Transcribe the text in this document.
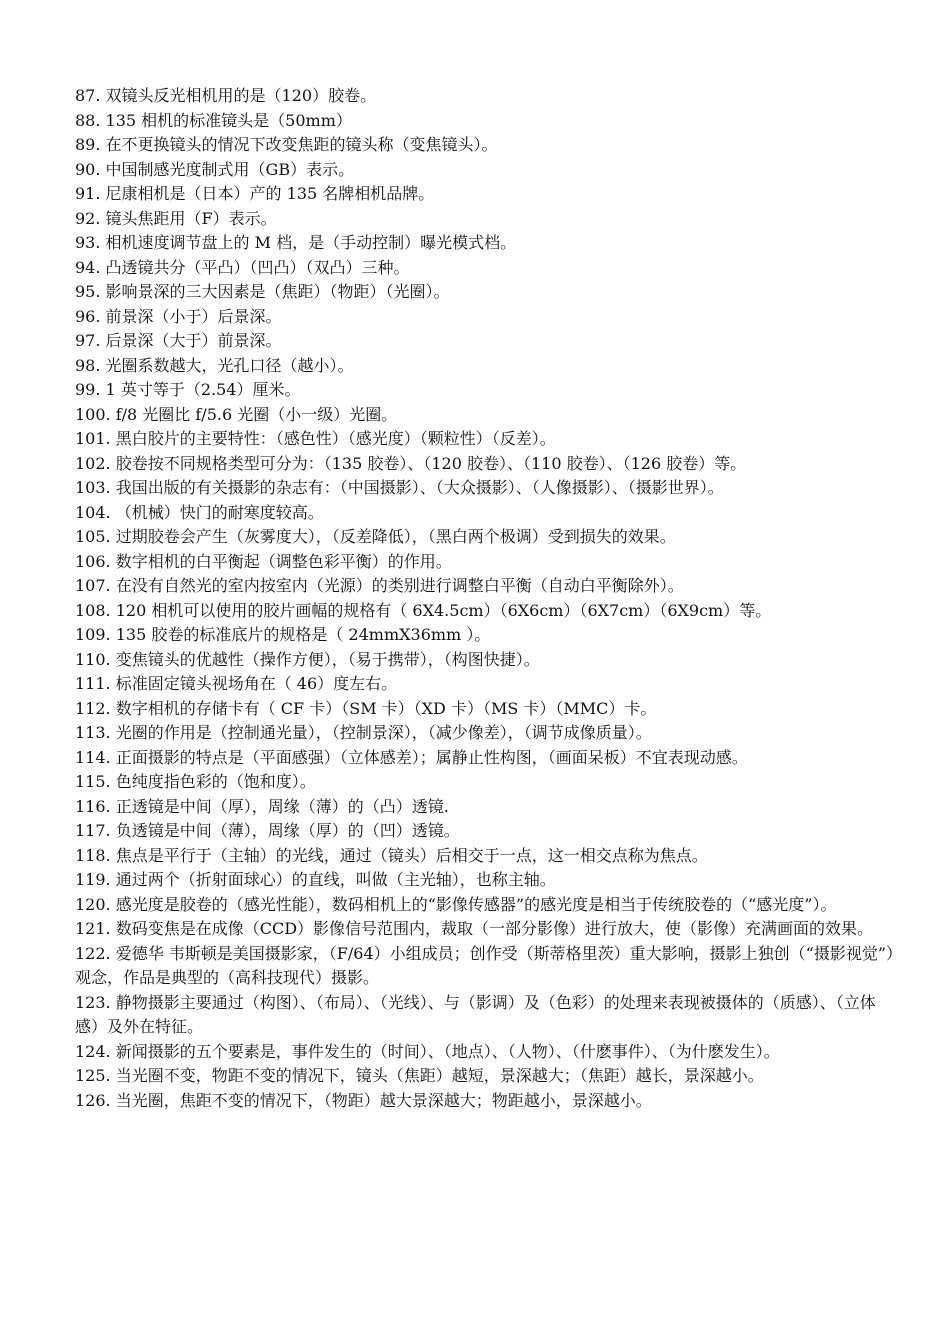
87. 双镜头反光相机用的是（120）胶卷。
88. 135 相机的标准镜头是（50mm）
89. 在不更换镜头的情况下改变焦距的镜头称（变焦镜头）。
90. 中国制感光度制式用（GB）表示。
91. 尼康相机是（日本）产的 135 名牌相机品牌。
92. 镜头焦距用（F）表示。
93. 相机速度调节盘上的 M 档，是（手动控制）曝光模式档。
94. 凸透镜共分（平凸）（凹凸）（双凸）三种。
95. 影响景深的三大因素是（焦距）（物距）（光圈）。
96. 前景深（小于）后景深。
97. 后景深（大于）前景深。
98. 光圈系数越大，光孔口径（越小）。
99. 1 英寸等于（2.54）厘米。
100. f/8 光圈比 f/5.6 光圈（小一级）光圈。
101. 黑白胶片的主要特性：（感色性）（感光度）（颗粒性）（反差）。
102. 胶卷按不同规格类型可分为：（135 胶卷）、（120 胶卷）、（110 胶卷）、（126 胶卷）等。
103. 我国出版的有关摄影的杂志有：（中国摄影）、（大众摄影）、（人像摄影）、（摄影世界）。
104. （机械）快门的耐寒度较高。
105. 过期胶卷会产生（灰雾度大），（反差降低），（黑白两个极调）受到损失的效果。
106. 数字相机的白平衡起（调整色彩平衡）的作用。
107. 在没有自然光的室内按室内（光源）的类别进行调整白平衡（自动白平衡除外）。
108. 120 相机可以使用的胶片画幅的规格有（ 6X4.5cm）（6X6cm）（6X7cm）（6X9cm）等。
109. 135 胶卷的标准底片的规格是（ 24mmX36mm ）。
110. 变焦镜头的优越性（操作方便），（易于携带），（构图快捷）。
111. 标准固定镜头视场角在（ 46）度左右。
112. 数字相机的存储卡有（ CF 卡）（SM 卡）（XD 卡）（MS 卡）（MMC）卡。
113. 光圈的作用是（控制通光量），（控制景深），（减少像差），（调节成像质量）。
114. 正面摄影的特点是（平面感强）（立体感差）；属静止性构图，（画面呆板）不宜表现动感。
115. 色纯度指色彩的（饱和度）。
116. 正透镜是中间（厚），周缘（薄）的（凸）透镜.
117. 负透镜是中间（薄），周缘（厚）的（凹）透镜。
118. 焦点是平行于（主轴）的光线，通过（镜头）后相交于一点，这一相交点称为焦点。
119. 通过两个（折射面球心）的直线，叫做（主光轴），也称主轴。
120. 感光度是胶卷的（感光性能），数码相机上的“影像传感器”的感光度是相当于传统胶卷的（“感光度”）。
121. 数码变焦是在成像（CCD）影像信号范围内，裁取（一部分影像）进行放大，使（影像）充满画面的效果。
122. 爱德华 韦斯顿是美国摄影家，（F/64）小组成员；创作受（斯蒂格里茨）重大影响，摄影上独创（“摄影视觉”）观念，作品是典型的（高科技现代）摄影。
123. 静物摄影主要通过（构图）、（布局）、（光线）、与（影调）及（色彩）的处理来表现被摄体的（质感）、（立体感）及外在特征。
124. 新闻摄影的五个要素是，事件发生的（时间）、（地点）、（人物）、（什麽事件）、（为什麽发生）。
125. 当光圈不变，物距不变的情况下，镜头（焦距）越短，景深越大；（焦距）越长，景深越小。
126. 当光圈，焦距不变的情况下，（物距）越大景深越大；物距越小，景深越小。
